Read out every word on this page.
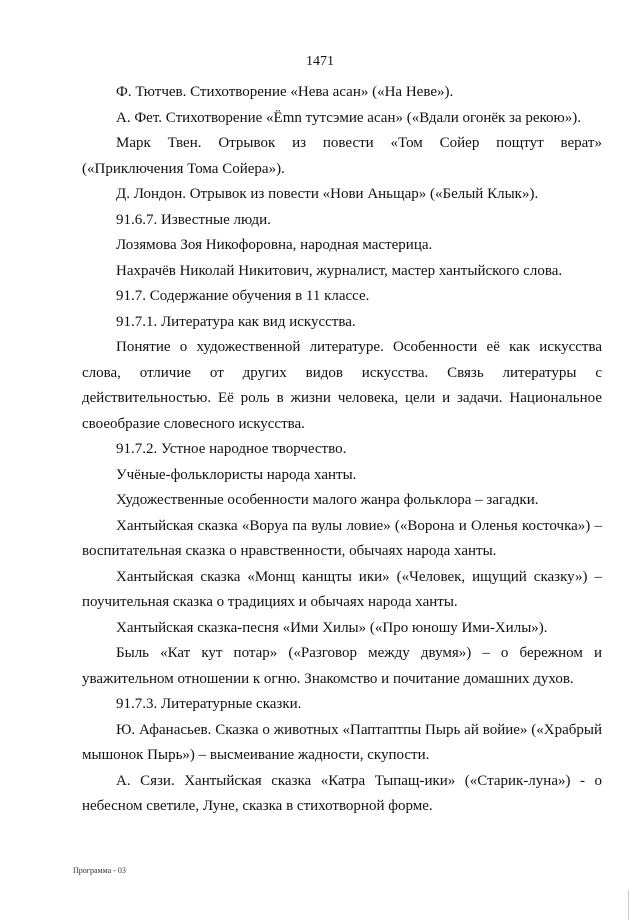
1471

Ф. Тютчев. Стихотворение «Нева асан» («На Неве»).

А. Фет. Стихотворение «Ёmn тутсэмие асан» («Вдали огонёк за рекою»).

Марк Твен. Отрывок из повести «Том Сойер пощтут верат» («Приключения Тома Сойера»).

Д. Лондон. Отрывок из повести «Нови Аньщар» («Белый Клык»).

91.6.7. Известные люди.

Лозямова Зоя Никофоровна, народная мастерица.

Нахрачёв Николай Никитович, журналист, мастер хантыйского слова.

91.7. Содержание обучения в 11 классе.

91.7.1. Литература как вид искусства.

Понятие о художественной литературе. Особенности её как искусства слова, отличие от других видов искусства. Связь литературы с действительностью. Её роль в жизни человека, цели и задачи. Национальное своеобразие словесного искусства.

91.7.2. Устное народное творчество.

Учёные-фольклористы народа ханты.

Художественные особенности малого жанра фольклора – загадки.

Хантыйская сказка «Воруа па вулы ловие» («Ворона и Оленья косточка») – воспитательная сказка о нравственности, обычаях народа ханты.

Хантыйская сказка «Монщ канщты ики» («Человек, ищущий сказку») – поучительная сказка о традициях и обычаях народа ханты.

Хантыйская сказка-песня «Ими Хилы» («Про юношу Ими-Хилы»).

Быль «Кат кут потар» («Разговор между двумя») – о бережном и уважительном отношении к огню. Знакомство и почитание домашних духов.

91.7.3. Литературные сказки.

Ю. Афанасьев. Сказка о животных «Паптаптпы Пырь ай войие» («Храбрый мышонок Пырь») – высмеивание жадности, скупости.

А. Сязи. Хантыйская сказка «Катра Тыпащ-ики» («Старик-луна») - о небесном светиле, Луне, сказка в стихотворной форме.

Программа - 03
